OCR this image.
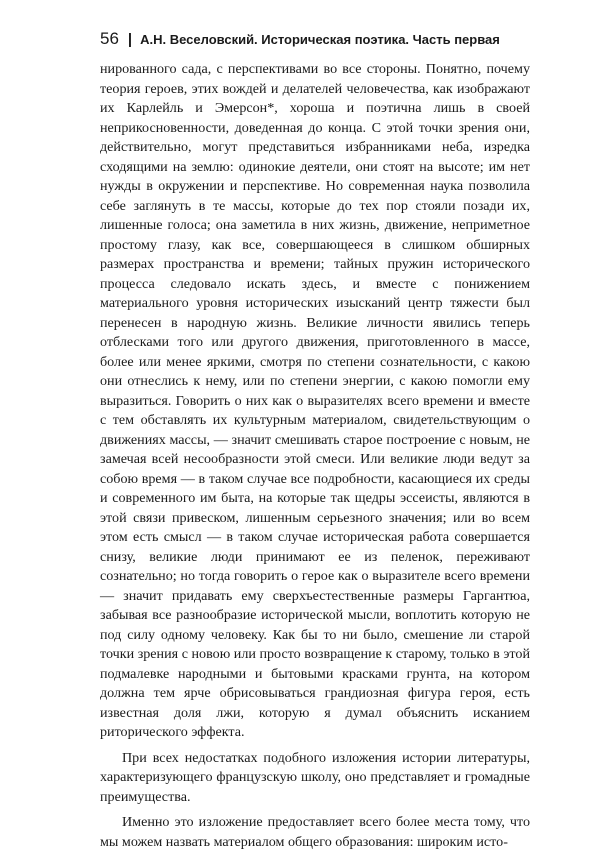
56 | А.Н. Веселовский. Историческая поэтика. Часть первая

нированного сада, с перспективами во все стороны. Понятно, почему теория героев, этих вождей и делателей человечества, как изображают их Карлейль и Эмерсон*, хороша и поэтична лишь в своей неприкосновенности, доведенная до конца. С этой точки зрения они, действительно, могут представиться избранниками неба, изредка сходящими на землю: одинокие деятели, они стоят на высоте; им нет нужды в окружении и перспективе. Но современная наука позволила себе заглянуть в те массы, которые до тех пор стояли позади их, лишенные голоса; она заметила в них жизнь, движение, неприметное простому глазу, как все, совершающееся в слишком обширных размерах пространства и времени; тайных пружин исторического процесса следовало искать здесь, и вместе с понижением материального уровня исторических изысканий центр тяжести был перенесен в народную жизнь. Великие личности явились теперь отблесками того или другого движения, приготовленного в массе, более или менее яркими, смотря по степени сознательности, с какою они отнеслись к нему, или по степени энергии, с какою помогли ему выразиться. Говорить о них как о выразителях всего времени и вместе с тем обставлять их культурным материалом, свидетельствующим о движениях массы, — значит смешивать старое построение с новым, не замечая всей несообразности этой смеси. Или великие люди ведут за собою время — в таком случае все подробности, касающиеся их среды и современного им быта, на которые так щедры эссеисты, являются в этой связи привеском, лишенным серьезного значения; или во всем этом есть смысл — в таком случае историческая работа совершается снизу, великие люди принимают ее из пеленок, переживают сознательно; но тогда говорить о герое как о выразителе всего времени — значит придавать ему сверхъестественные размеры Гаргантюа, забывая все разнообразие исторической мысли, воплотить которую не под силу одному человеку. Как бы то ни было, смешение ли старой точки зрения с новою или просто возвращение к старому, только в этой подмалевке народными и бытовыми красками грунта, на котором должна тем ярче обрисовываться грандиозная фигура героя, есть известная доля лжи, которую я думал объяснить исканием риторического эффекта.

При всех недостатках подобного изложения истории литературы, характеризующего французскую школу, оно представляет и громадные преимущества.

Именно это изложение предоставляет всего более места тому, что мы можем назвать материалом общего образования: широким исто-
